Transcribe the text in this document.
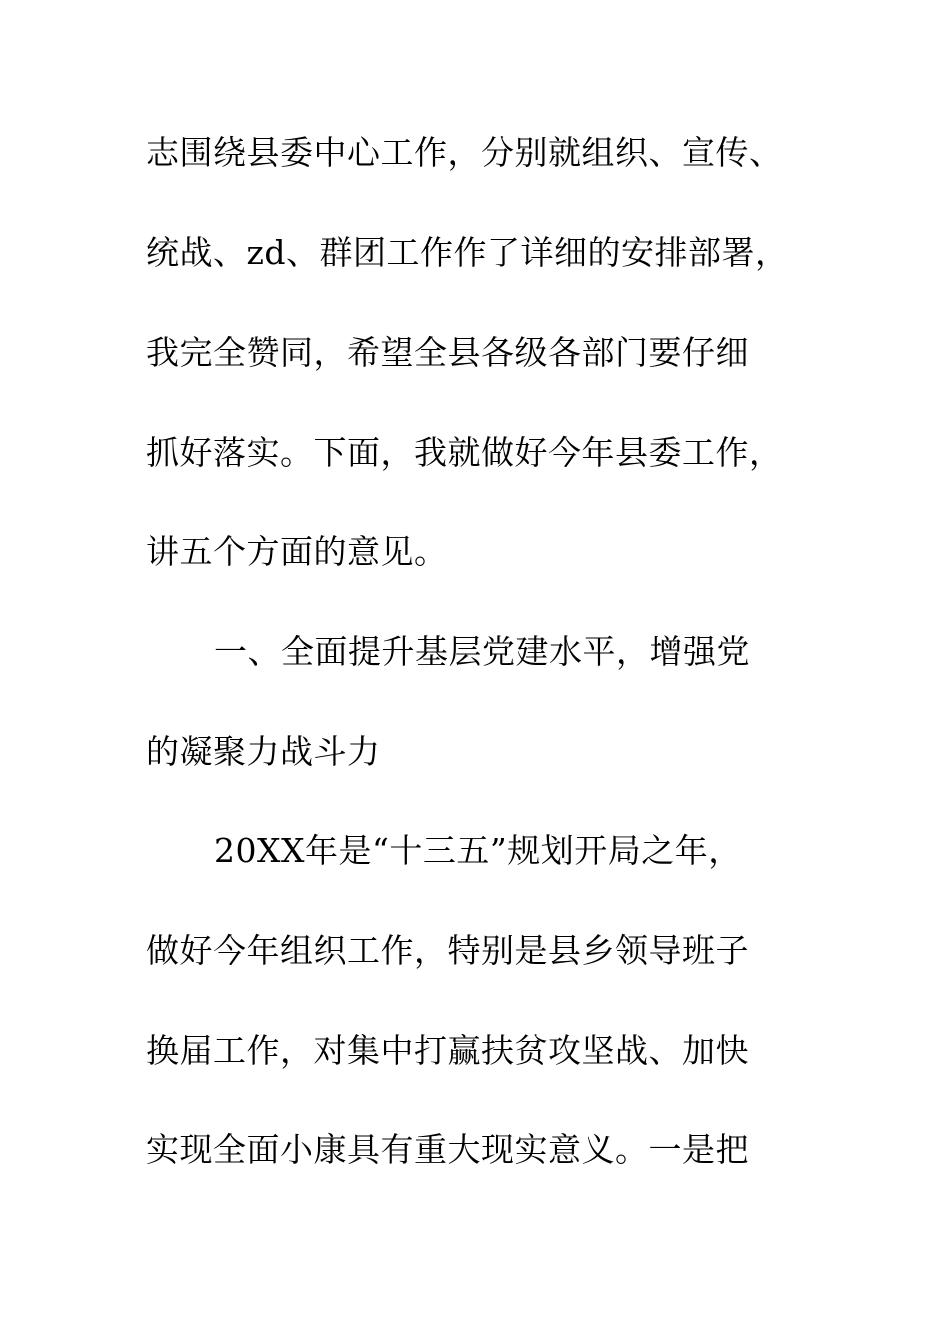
志围绕县委中心工作，分别就组织、宣传、
统战、zd、群团工作作了详细的安排部署，
我完全赞同，希望全县各级各部门要仔细
抓好落实。下面，我就做好今年县委工作，
讲五个方面的意见。
一、全面提升基层党建水平，增强党
的凝聚力战斗力
20XX年是“十三五”规划开局之年，
做好今年组织工作，特别是县乡领导班子
换届工作，对集中打赢扶贫攻坚战、加快
实现全面小康具有重大现实意义。一是把
